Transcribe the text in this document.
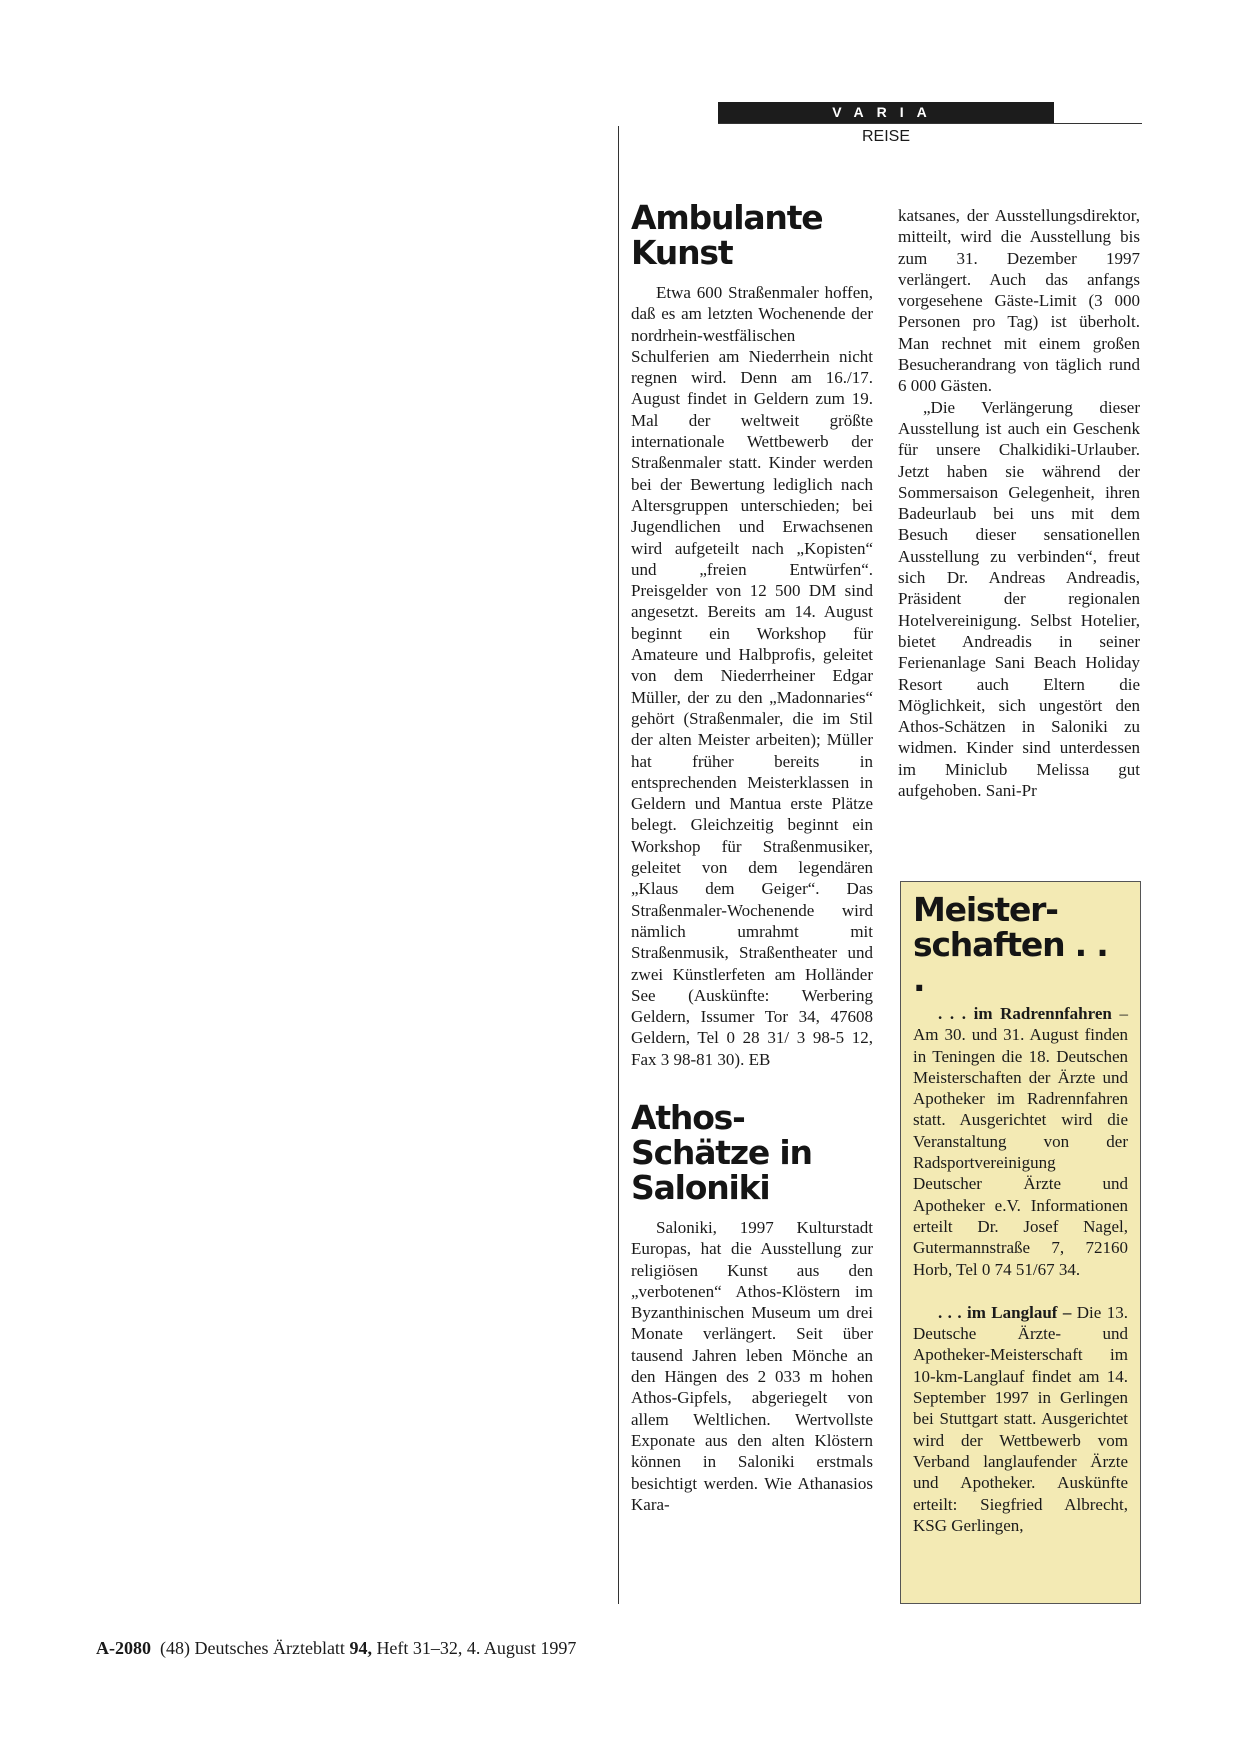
VARIA
REISE
Ambulante Kunst

Etwa 600 Straßenmaler hoffen, daß es am letzten Wochenende der nordrhein-westfälischen Schulferien am Niederrhein nicht regnen wird. Denn am 16./17. August findet in Geldern zum 19. Mal der weltweit größte internationale Wettbewerb der Straßenmaler statt. Kinder werden bei der Bewertung lediglich nach Altersgruppen unterschieden; bei Jugendlichen und Erwachsenen wird aufgeteilt nach „Kopisten“ und „freien Entwürfen“. Preisgelder von 12 500 DM sind angesetzt. Bereits am 14. August beginnt ein Workshop für Amateure und Halbprofis, geleitet von dem Niederrheiner Edgar Müller, der zu den „Madonnaries“ gehört (Straßenmaler, die im Stil der alten Meister arbeiten); Müller hat früher bereits in entsprechenden Meisterklassen in Geldern und Mantua erste Plätze belegt. Gleichzeitig beginnt ein Workshop für Straßenmusiker, geleitet von dem legendären „Klaus dem Geiger“. Das Straßenmaler-Wochenende wird nämlich umrahmt mit Straßenmusik, Straßentheater und zwei Künstlerfeten am Holländer See (Auskünfte: Werbering Geldern, Issumer Tor 34, 47608 Geldern, Tel 0 28 31/ 3 98-5 12, Fax 3 98-81 30). EB

Athos-Schätze in Saloniki

Saloniki, 1997 Kulturstadt Europas, hat die Ausstellung zur religiösen Kunst aus den „verbotenen“ Athos-Klöstern im Byzanthinischen Museum um drei Monate verlängert. Seit über tausend Jahren leben Mönche an den Hängen des 2 033 m hohen Athos-Gipfels, abgeriegelt von allem Weltlichen. Wertvollste Exponate aus den alten Klöstern können in Saloniki erstmals besichtigt werden. Wie Athanasios Kara-

katsanes, der Ausstellungsdirektor, mitteilt, wird die Ausstellung bis zum 31. Dezember 1997 verlängert. Auch das anfangs vorgesehene Gäste-Limit (3 000 Personen pro Tag) ist überholt. Man rechnet mit einem großen Besucherandrang von täglich rund 6 000 Gästen.

„Die Verlängerung dieser Ausstellung ist auch ein Geschenk für unsere Chalkidiki-Urlauber. Jetzt haben sie während der Sommersaison Gelegenheit, ihren Badeurlaub bei uns mit dem Besuch dieser sensationellen Ausstellung zu verbinden“, freut sich Dr. Andreas Andreadis, Präsident der regionalen Hotelvereinigung. Selbst Hotelier, bietet Andreadis in seiner Ferienanlage Sani Beach Holiday Resort auch Eltern die Möglichkeit, sich ungestört den Athos-Schätzen in Saloniki zu widmen. Kinder sind unterdessen im Miniclub Melissa gut aufgehoben. Sani-Pr

Meisterschaften . . .

. . . im Radrennfahren – Am 30. und 31. August finden in Teningen die 18. Deutschen Meisterschaften der Ärzte und Apotheker im Radrennfahren statt. Ausgerichtet wird die Veranstaltung von der Radsportvereinigung Deutscher Ärzte und Apotheker e.V. Informationen erteilt Dr. Josef Nagel, Gutermannstraße 7, 72160 Horb, Tel 0 74 51/67 34.

. . . im Langlauf – Die 13. Deutsche Ärzte- und Apotheker-Meisterschaft im 10-km-Langlauf findet am 14. September 1997 in Gerlingen bei Stuttgart statt. Ausgerichtet wird der Wettbewerb vom Verband langlaufender Ärzte und Apotheker. Auskünfte erteilt: Siegfried Albrecht, KSG Gerlingen,

A-2080 (48) Deutsches Ärzteblatt 94, Heft 31–32, 4. August 1997
